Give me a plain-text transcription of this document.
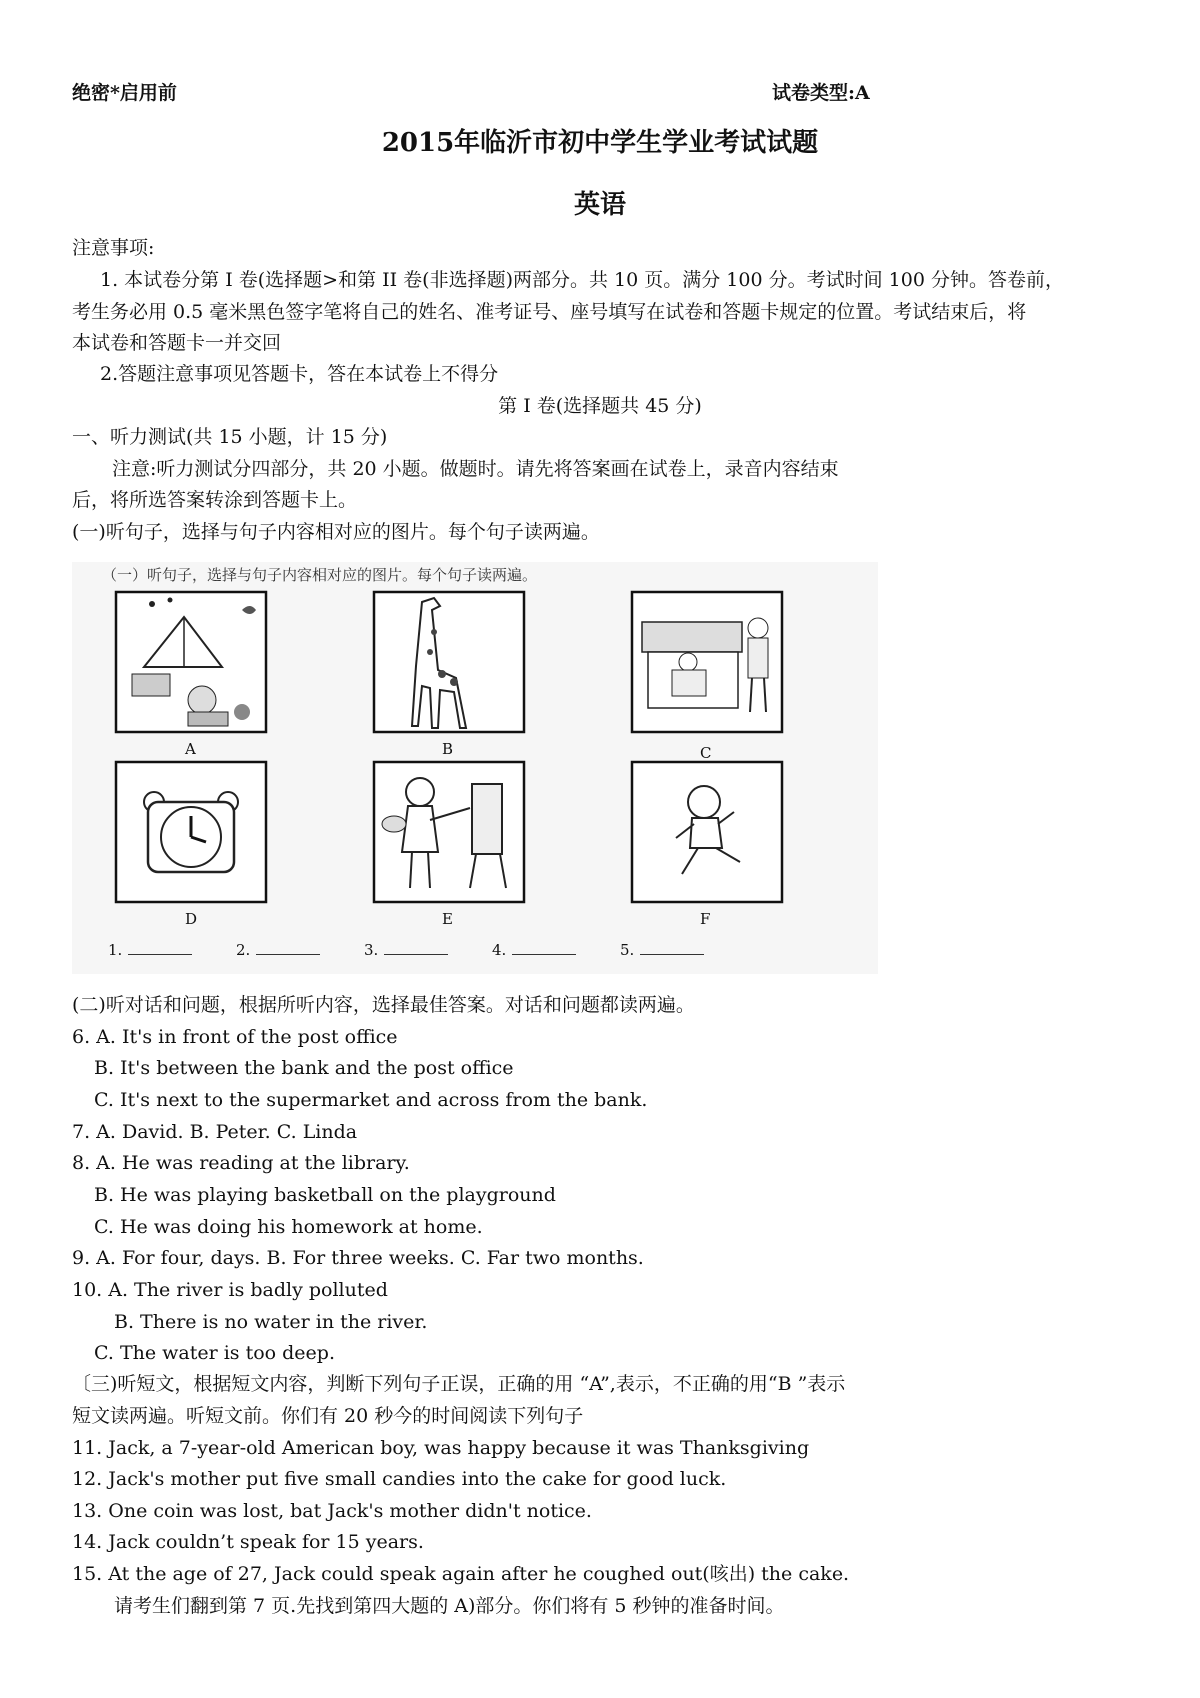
绝密*启用前	试卷类型:A
2015年临沂市初中学生学业考试试题
英语
注意事项:
1. 本试卷分第 I 卷(选择题>和第 II 卷(非选择题)两部分。共 10 页。满分 100 分。考试时间 100 分钟。答卷前，
考生务必用 0.5 毫米黑色签字笔将自己的姓名、准考证号、座号填写在试卷和答题卡规定的位置。考试结束后，将
本试卷和答题卡一并交回
2.答题注意事项见答题卡，答在本试卷上不得分
第 I 卷(选择题共 45 分)
一、听力测试(共 15 小题，计 15 分)
注意:听力测试分四部分，共 20 小题。做题时。请先将答案画在试卷上，录音内容结束
后，将所选答案转涂到答题卡上。
(一)听句子，选择与句子内容相对应的图片。每个句子读两遍。
（一）听句子，选择与句子内容相对应的图片。每个句子读两遍。
A	B	C
D	E	F
1.	2.	3.	4.	5.
(二)听对话和问题，根据所听内容，选择最佳答案。对话和问题都读两遍。
6. A. It's in front of the post office
B. It's between the bank and the post office
C. It's next to the supermarket and across from the bank.
7. A. David. B. Peter. C. Linda
8. A. He was reading at the library.
B. He was playing basketball on the playground
C. He was doing his homework at home.
9. A. For four, days. B. For three weeks. C. Far two months.
10. A. The river is badly polluted
B. There is no water in the river.
C. The water is too deep.
〔三)听短文，根据短文内容，判断下列句子正误，正确的用 “A”,表示，不正确的用“B ”表示
短文读两遍。听短文前。你们有 20 秒今的时间阅读下列句子
11. Jack, a 7-year-old American boy, was happy because it was Thanksgiving
12. Jack's mother put five small candies into the cake for good luck.
13. One coin was lost, bat Jack's mother didn't notice.
14. Jack couldn’t speak for 15 years.
15. At the age of 27, Jack could speak again after he coughed out(咳出) the cake.
请考生们翻到第 7 页.先找到第四大题的 A)部分。你们将有 5 秒钟的准备时间。
